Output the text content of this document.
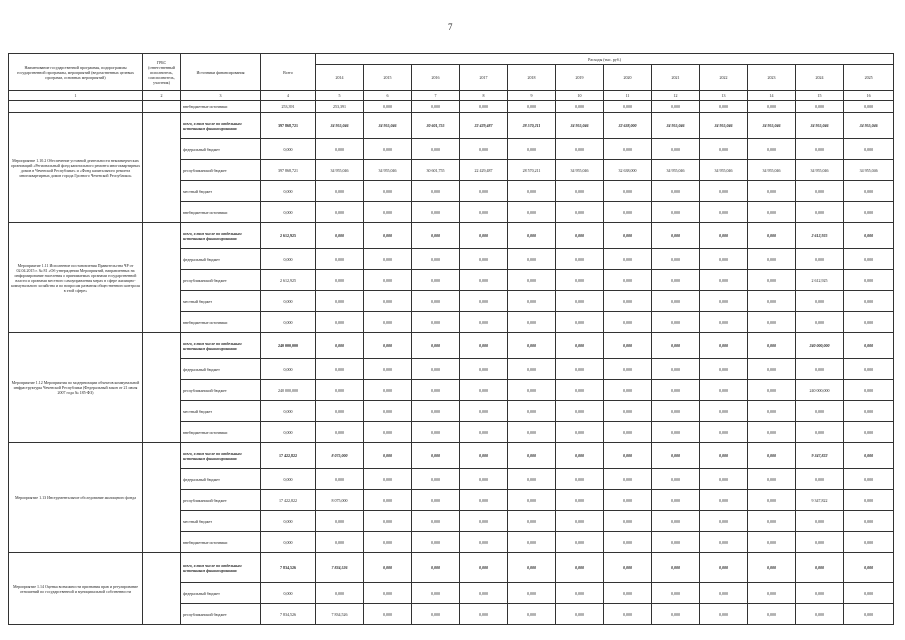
7
Наименование государственной программы, подпрограммы государственной программы, мероприятий (ведомственных целевых программ, основных мероприятий)	ГРБС (ответственный исполнитель, соисполнитель, участник)	Источники финансирования	Всего	Расходы (тыс. руб.)											
				2014	2015	2016	2017	2018	2019	2020	2021	2022	2023	2024	2025
1	2	3	4	5	6	7	8	9	10	11	12	13	14	15	16
		внебюджетные источники	253,391	253,391	0,000	0,000	0,000	0,000	0,000	0,000	0,000	0,000	0,000	0,000	0,000
Мероприятие 1.10.2 Обеспечение уставной деятельности некоммерческих организаций «Региональный фонд капитального ремонта многоквартирных домов в Чеченской Республике» и «Фонд капитального ремонта многоквартирных домов города Грозного Чеченской Республики»		всего, в том числе по отдельным источникам финансирования:	397 868,721	34 955,046	34 955,046	30 601,755	22 429,487	28 570,211	34 955,046	32 638,000	34 955,046	34 955,046	34 955,046	34 955,046	34 955,046
		федеральный бюджет	0,000	0,000	0,000	0,000	0,000	0,000	0,000	0,000	0,000	0,000	0,000	0,000	0,000
		республиканский бюджет	397 868,721	34 955,046	34 955,046	30 601,755	22 429,487	28 570,211	34 955,046	32 638,000	34 955,046	34 955,046	34 955,046	34 955,046	34 955,046
		местный бюджет	0,000	0,000	0,000	0,000	0,000	0,000	0,000	0,000	0,000	0,000	0,000	0,000	0,000
		внебюджетные источники	0,000	0,000	0,000	0,000	0,000	0,000	0,000	0,000	0,000	0,000	0,000	0,000	0,000
Мероприятие 1.11 Исполнение постановления Правительства ЧР от 02.04.2015 г. № 81 «Об утверждении Мероприятий, направленных на информирование населения о принимаемых органами государственной власти и органами местного самоуправления мерах в сфере жилищно-коммунального хозяйства и по вопросам развития общественного контроля в этой сфере»		всего, в том числе по отдельным источникам финансирования:	2 612,925	0,000	0,000	0,000	0,000	0,000	0,000	0,000	0,000	0,000	0,000	2 612,925	0,000
		федеральный бюджет	0,000	0,000	0,000	0,000	0,000	0,000	0,000	0,000	0,000	0,000	0,000	0,000	0,000
		республиканский бюджет	2 612,925	0,000	0,000	0,000	0,000	0,000	0,000	0,000	0,000	0,000	0,000	2 612,925	0,000
		местный бюджет	0,000	0,000	0,000	0,000	0,000	0,000	0,000	0,000	0,000	0,000	0,000	0,000	0,000
		внебюджетные источники	0,000	0,000	0,000	0,000	0,000	0,000	0,000	0,000	0,000	0,000	0,000	0,000	0,000
Мероприятие 1.12 Мероприятия по модернизации объектов коммунальной инфраструктуры Чеченской Республики (Федеральный закон от 21 июля 2007 года № 185-ФЗ)		всего, в том числе по отдельным источникам финансирования:	240 000,000	0,000	0,000	0,000	0,000	0,000	0,000	0,000	0,000	0,000	0,000	240 000,000	0,000
		федеральный бюджет	0,000	0,000	0,000	0,000	0,000	0,000	0,000	0,000	0,000	0,000	0,000	0,000	0,000
		республиканский бюджет	240 000,000	0,000	0,000	0,000	0,000	0,000	0,000	0,000	0,000	0,000	0,000	240 000,000	0,000
		местный бюджет	0,000	0,000	0,000	0,000	0,000	0,000	0,000	0,000	0,000	0,000	0,000	0,000	0,000
		внебюджетные источники	0,000	0,000	0,000	0,000	0,000	0,000	0,000	0,000	0,000	0,000	0,000	0,000	0,000
Мероприятие 1.13 Инструментальное обследование жилищного фонда		всего, в том числе по отдельным источникам финансирования:	17 422,822	8 075,000	0,000	0,000	0,000	0,000	0,000	0,000	0,000	0,000	0,000	9 347,822	0,000
		федеральный бюджет	0,000	0,000	0,000	0,000	0,000	0,000	0,000	0,000	0,000	0,000	0,000	0,000	0,000
		республиканский бюджет	17 422,822	8 075,000	0,000	0,000	0,000	0,000	0,000	0,000	0,000	0,000	0,000	9 347,822	0,000
		местный бюджет	0,000	0,000	0,000	0,000	0,000	0,000	0,000	0,000	0,000	0,000	0,000	0,000	0,000
		внебюджетные источники	0,000	0,000	0,000	0,000	0,000	0,000	0,000	0,000	0,000	0,000	0,000	0,000	0,000
Мероприятие 1.14 Оценка возможности признания прав и регулирование отношений по государственной и муниципальной собственности		всего, в том числе по отдельным источникам финансирования:	7 834,526	7 834,526	0,000	0,000	0,000	0,000	0,000	0,000	0,000	0,000	0,000	0,000	0,000
		федеральный бюджет	0,000	0,000	0,000	0,000	0,000	0,000	0,000	0,000	0,000	0,000	0,000	0,000	0,000
		республиканский бюджет	7 834,526	7 834,526	0,000	0,000	0,000	0,000	0,000	0,000	0,000	0,000	0,000	0,000	0,000
